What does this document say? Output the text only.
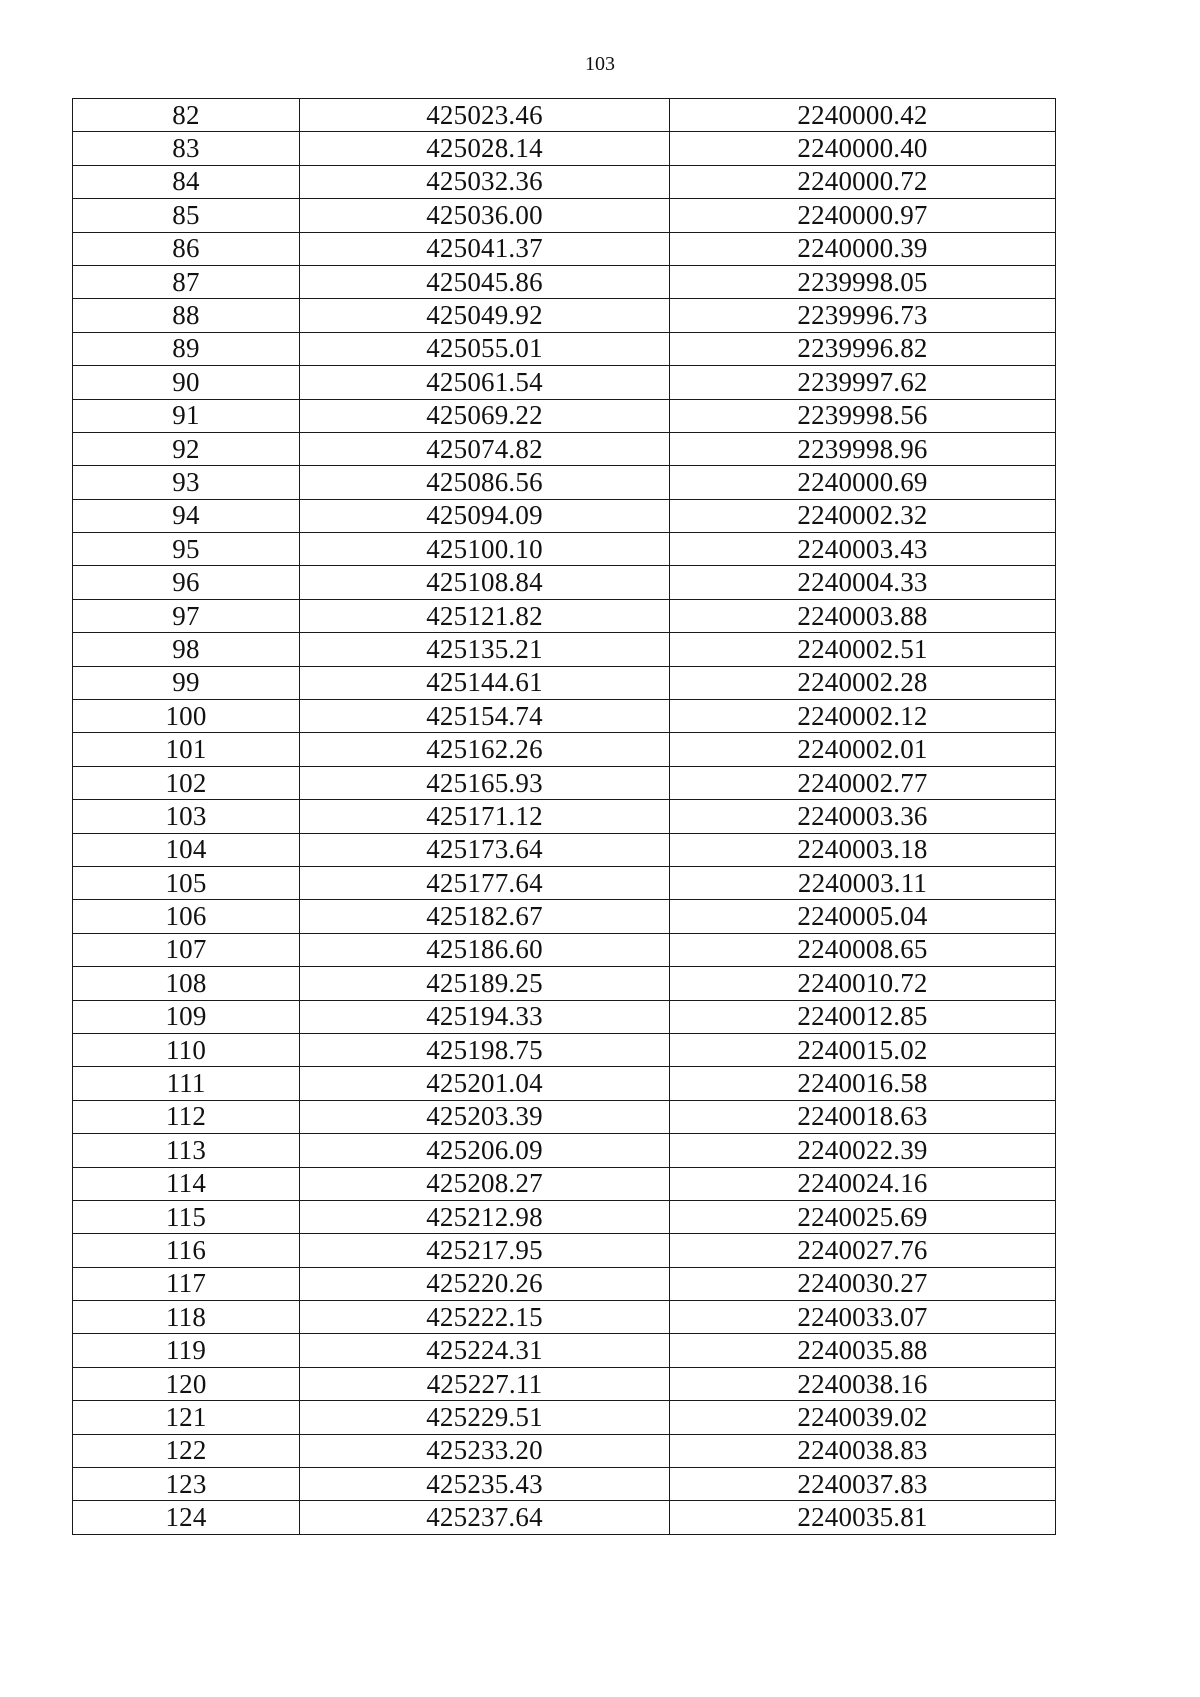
103
82	425023.46	2240000.42
83	425028.14	2240000.40
84	425032.36	2240000.72
85	425036.00	2240000.97
86	425041.37	2240000.39
87	425045.86	2239998.05
88	425049.92	2239996.73
89	425055.01	2239996.82
90	425061.54	2239997.62
91	425069.22	2239998.56
92	425074.82	2239998.96
93	425086.56	2240000.69
94	425094.09	2240002.32
95	425100.10	2240003.43
96	425108.84	2240004.33
97	425121.82	2240003.88
98	425135.21	2240002.51
99	425144.61	2240002.28
100	425154.74	2240002.12
101	425162.26	2240002.01
102	425165.93	2240002.77
103	425171.12	2240003.36
104	425173.64	2240003.18
105	425177.64	2240003.11
106	425182.67	2240005.04
107	425186.60	2240008.65
108	425189.25	2240010.72
109	425194.33	2240012.85
110	425198.75	2240015.02
111	425201.04	2240016.58
112	425203.39	2240018.63
113	425206.09	2240022.39
114	425208.27	2240024.16
115	425212.98	2240025.69
116	425217.95	2240027.76
117	425220.26	2240030.27
118	425222.15	2240033.07
119	425224.31	2240035.88
120	425227.11	2240038.16
121	425229.51	2240039.02
122	425233.20	2240038.83
123	425235.43	2240037.83
124	425237.64	2240035.81
